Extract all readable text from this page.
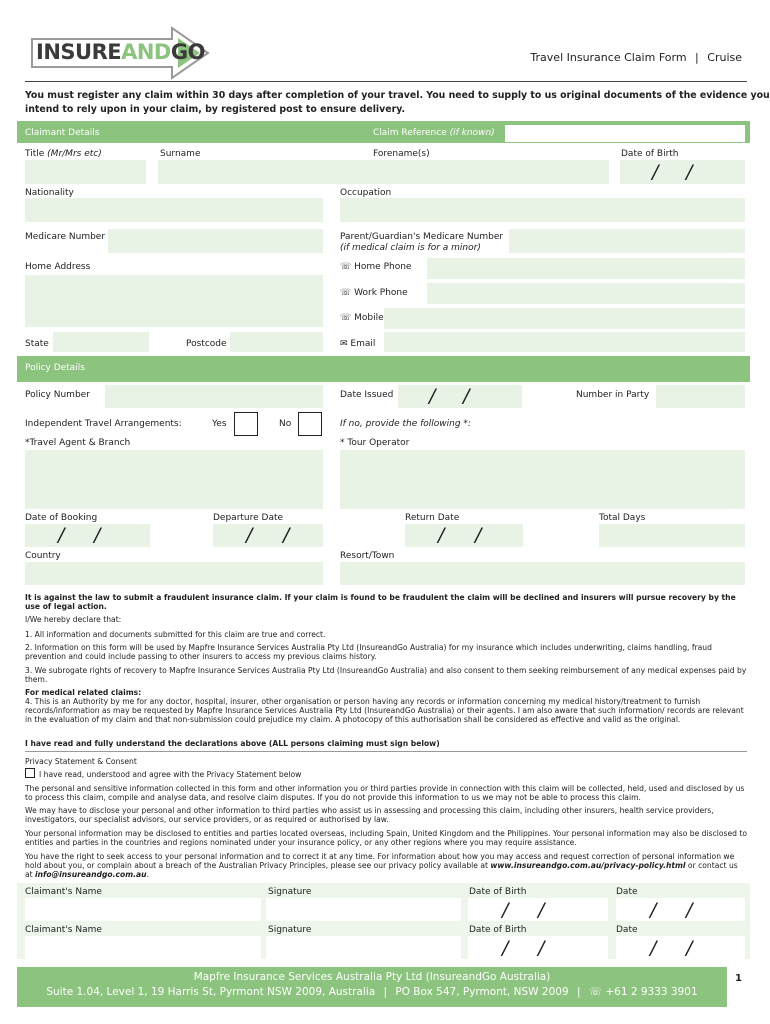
INSUREANDGO	Travel Insurance Claim Form | Cruise
You must register any claim within 30 days after completion of your travel. You need to supply to us original documents of the evidence you
intend to rely upon in your claim, by registered post to ensure delivery.
Claimant Details	Claim Reference (if known)
Title (Mr/Mrs etc)	Surname	Forename(s)	Date of Birth
/ /
Nationality	Occupation
Medicare Number	Parent/Guardian's Medicare Number
(if medical claim is for a minor)
Home Address	☏ Home Phone
☏ Work Phone
☏ Mobile
State	Postcode	✉ Email
Policy Details
Policy Number	Date Issued / /	Number in Party
Independent Travel Arrangements:	Yes	No	If no, provide the following *:
*Travel Agent & Branch	* Tour Operator
Date of Booking	Departure Date	Return Date	Total Days
/ /	/ /	/ /
Country	Resort/Town
It is against the law to submit a fraudulent insurance claim. If your claim is found to be fraudulent the claim will be declined and insurers will pursue recovery by the use of legal action.
I/We hereby declare that:
1. All information and documents submitted for this claim are true and correct.
2. Information on this form will be used by Mapfre Insurance Services Australia Pty Ltd (InsureandGo Australia) for my insurance which includes underwriting, claims handling, fraud prevention and could include passing to other insurers to access my previous claims history.
3. We subrogate rights of recovery to Mapfre Insurance Services Australia Pty Ltd (InsureandGo Australia) and also consent to them seeking reimbursement of any medical expenses paid by them.
For medical related claims:
4. This is an Authority by me for any doctor, hospital, insurer, other organisation or person having any records or information concerning my medical history/treatment to furnish records/information as may be requested by Mapfre Insurance Services Australia Pty Ltd (InsureandGo Australia) or their agents. I am also aware that such information/ records are relevant in the evaluation of my claim and that non-submission could prejudice my claim. A photocopy of this authorisation shall be considered as effective and valid as the original.
I have read and fully understand the declarations above (ALL persons claiming must sign below)
Privacy Statement & Consent
I have read, understood and agree with the Privacy Statement below
The personal and sensitive information collected in this form and other information you or third parties provide in connection with this claim will be collected, held, used and disclosed by us to process this claim, compile and analyse data, and resolve claim disputes. If you do not provide this information to us we may not be able to process this claim.
We may have to disclose your personal and other information to third parties who assist us in assessing and processing this claim, including other insurers, health service providers, investigators, our specialist advisors, our service providers, or as required or authorised by law.
Your personal information may be disclosed to entities and parties located overseas, including Spain, United Kingdom and the Philippines. Your personal information may also be disclosed to entities and parties in the countries and regions nominated under your insurance policy, or any other regions where you may require assistance.
You have the right to seek access to your personal information and to correct it at any time. For information about how you may access and request correction of personal information we hold about you, or complain about a breach of the Australian Privacy Principles, please see our privacy policy available at www.insureandgo.com.au/privacy-policy.html or contact us at info@insureandgo.com.au.
Claimant's Name	Signature	Date of Birth	Date
/ /	/ /
Claimant's Name	Signature	Date of Birth	Date
/ /	/ /
Mapfre Insurance Services Australia Pty Ltd (InsureandGo Australia)
Suite 1.04, Level 1, 19 Harris St, Pyrmont NSW 2009, Australia | PO Box 547, Pyrmont, NSW 2009 | ☏ +61 2 9333 3901
1
